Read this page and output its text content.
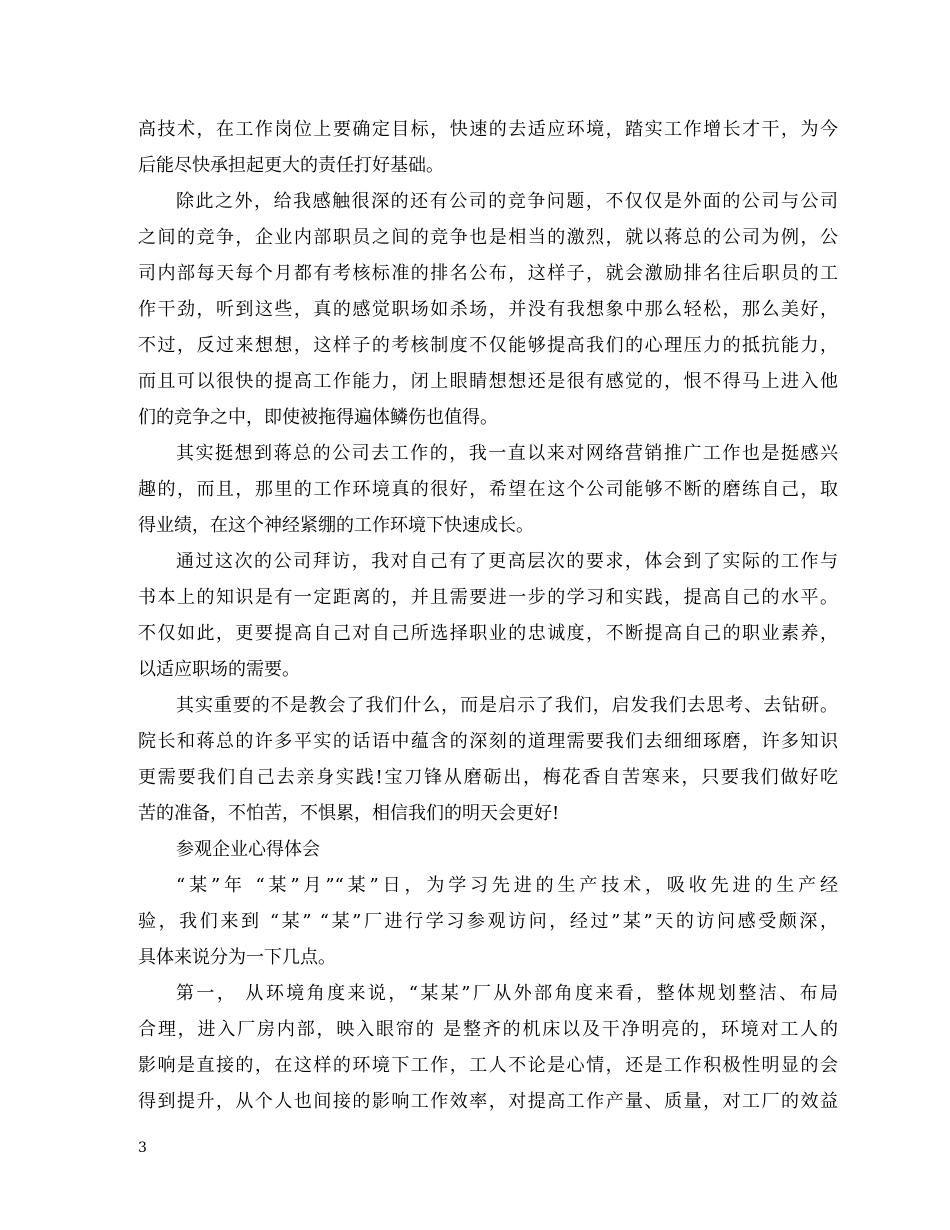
高技术，在工作岗位上要确定目标，快速的去适应环境，踏实工作增长才干，为今
后能尽快承担起更大的责任打好基础。
除此之外，给我感触很深的还有公司的竞争问题，不仅仅是外面的公司与公司
之间的竞争，企业内部职员之间的竞争也是相当的激烈，就以蒋总的公司为例，公
司内部每天每个月都有考核标准的排名公布，这样子，就会激励排名往后职员的工
作干劲，听到这些，真的感觉职场如杀场，并没有我想象中那么轻松，那么美好，
不过，反过来想想，这样子的考核制度不仅能够提高我们的心理压力的抵抗能力，
而且可以很快的提高工作能力，闭上眼睛想想还是很有感觉的，恨不得马上进入他
们的竞争之中，即使被拖得遍体鳞伤也值得。
其实挺想到蒋总的公司去工作的，我一直以来对网络营销推广工作也是挺感兴
趣的，而且，那里的工作环境真的很好，希望在这个公司能够不断的磨练自己，取
得业绩，在这个神经紧绷的工作环境下快速成长。
通过这次的公司拜访，我对自己有了更高层次的要求，体会到了实际的工作与
书本上的知识是有一定距离的，并且需要进一步的学习和实践，提高自己的水平。
不仅如此，更要提高自己对自己所选择职业的忠诚度，不断提高自己的职业素养，
以适应职场的需要。
其实重要的不是教会了我们什么，而是启示了我们，启发我们去思考、去钻研。
院长和蒋总的许多平实的话语中蕴含的深刻的道理需要我们去细细琢磨，许多知识
更需要我们自己去亲身实践!宝刀锋从磨砺出，梅花香自苦寒来，只要我们做好吃
苦的准备，不怕苦，不惧累，相信我们的明天会更好!
参观企业心得体会
“某”年 “某”月”“某”日，为学习先进的生产技术，吸收先进的生产经
验，我们来到 “某” “某”厂进行学习参观访问，经过”某”天的访问感受颇深，
具体来说分为一下几点。
第一， 从环境角度来说，“某某”厂从外部角度来看，整体规划整洁、布局
合理，进入厂房内部，映入眼帘的 是整齐的机床以及干净明亮的，环境对工人的
影响是直接的，在这样的环境下工作，工人不论是心情，还是工作积极性明显的会
得到提升，从个人也间接的影响工作效率，对提高工作产量、质量，对工厂的效益
3
